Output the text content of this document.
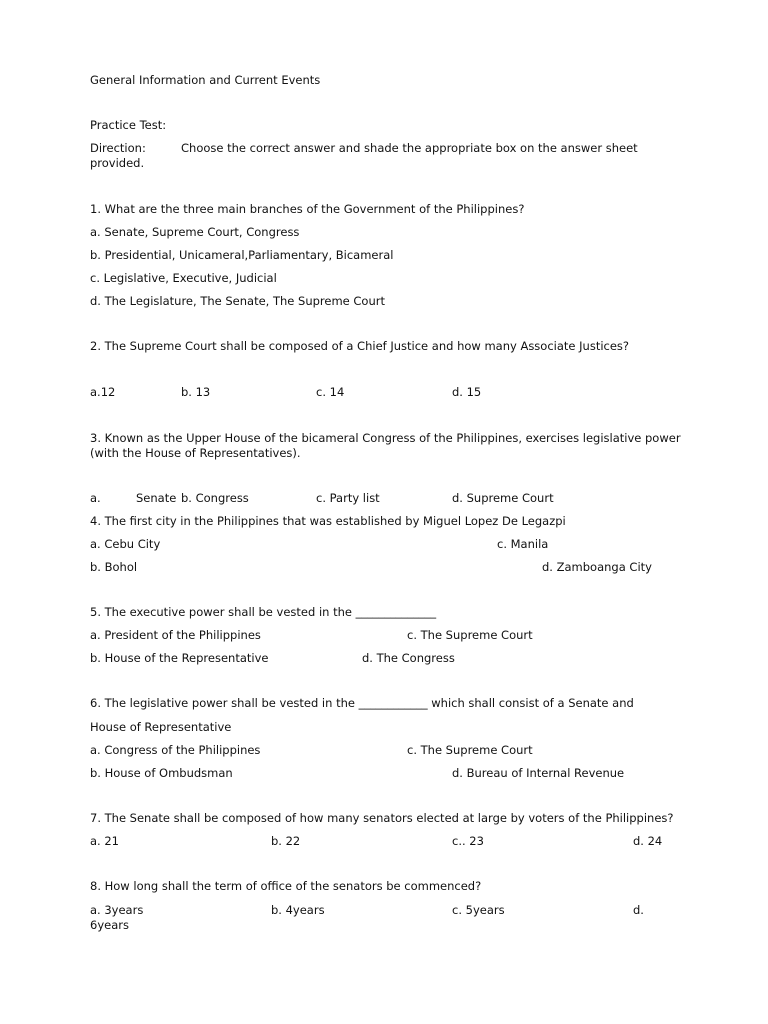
General Information and Current Events
Practice Test:
Direction:	Choose the correct answer and shade the appropriate box on the answer sheet
provided.
1. What are the three main branches of the Government of the Philippines?
a. Senate, Supreme Court, Congress
b. Presidential, Unicameral,Parliamentary, Bicameral
c. Legislative, Executive, Judicial
d. The Legislature, The Senate, The Supreme Court
2. The Supreme Court shall be composed of a Chief Justice and how many Associate Justices?
a.12	b. 13	c. 14	d. 15
3. Known as the Upper House of the bicameral Congress of the Philippines, exercises legislative power
(with the House of Representatives).
a.	Senate b. Congress	c. Party list	d. Supreme Court
4. The first city in the Philippines that was established by Miguel Lopez De Legazpi
a. Cebu City	c. Manila
b. Bohol	d. Zamboanga City
5. The executive power shall be vested in the ______________
a. President of the Philippines	c. The Supreme Court
b. House of the Representative	d. The Congress
6. The legislative power shall be vested in the ____________ which shall consist of a Senate and
House of Representative
a. Congress of the Philippines	c. The Supreme Court
b. House of Ombudsman	d. Bureau of Internal Revenue
7. The Senate shall be composed of how many senators elected at large by voters of the Philippines?
a. 21	b. 22	c.. 23	d. 24
8. How long shall the term of office of the senators be commenced?
a. 3years	b. 4years	c. 5years	d.
6years
